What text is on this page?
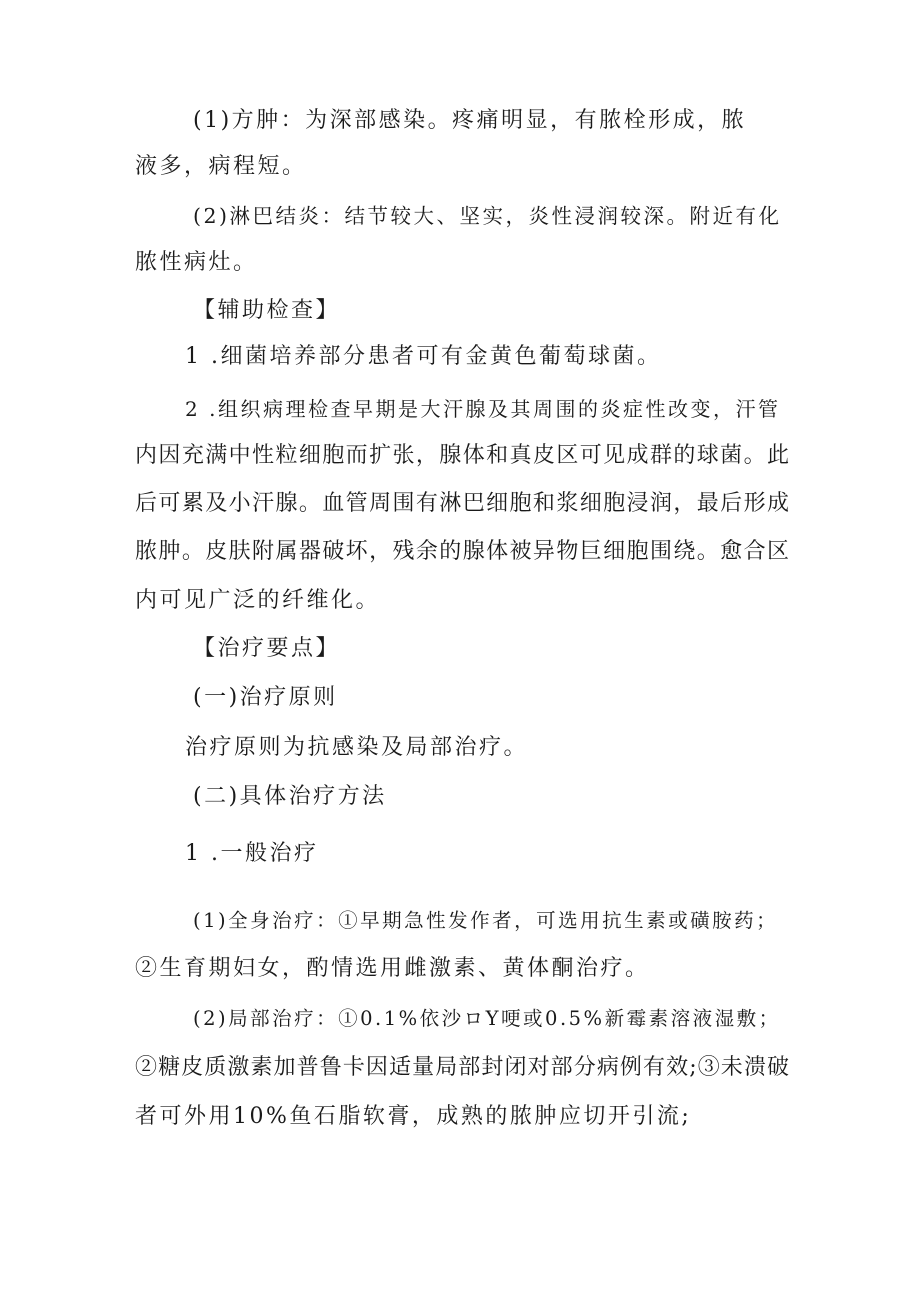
(1)方肿：为深部感染。疼痛明显，有脓栓形成，脓
液多，病程短。
(2)淋巴结炎：结节较大、坚实，炎性浸润较深。附近有化
脓性病灶。
【辅助检查】
1 .细菌培养部分患者可有金黄色葡萄球菌。
2 .组织病理检查早期是大汗腺及其周围的炎症性改变，汗管
内因充满中性粒细胞而扩张，腺体和真皮区可见成群的球菌。此
后可累及小汗腺。血管周围有淋巴细胞和浆细胞浸润，最后形成
脓肿。皮肤附属器破坏，残余的腺体被异物巨细胞围绕。愈合区
内可见广泛的纤维化。
【治疗要点】
(一)治疗原则
治疗原则为抗感染及局部治疗。
(二)具体治疗方法
1 .一般治疗
(1)全身治疗：①早期急性发作者，可选用抗生素或磺胺药；
②生育期妇女，酌情选用雌激素、黄体酮治疗。
(2)局部治疗：①0.1%依沙ロY哽或0.5%新霉素溶液湿敷；
②糖皮质激素加普鲁卡因适量局部封闭对部分病例有效;③未溃破
者可外用10%鱼石脂软膏，成熟的脓肿应切开引流;
